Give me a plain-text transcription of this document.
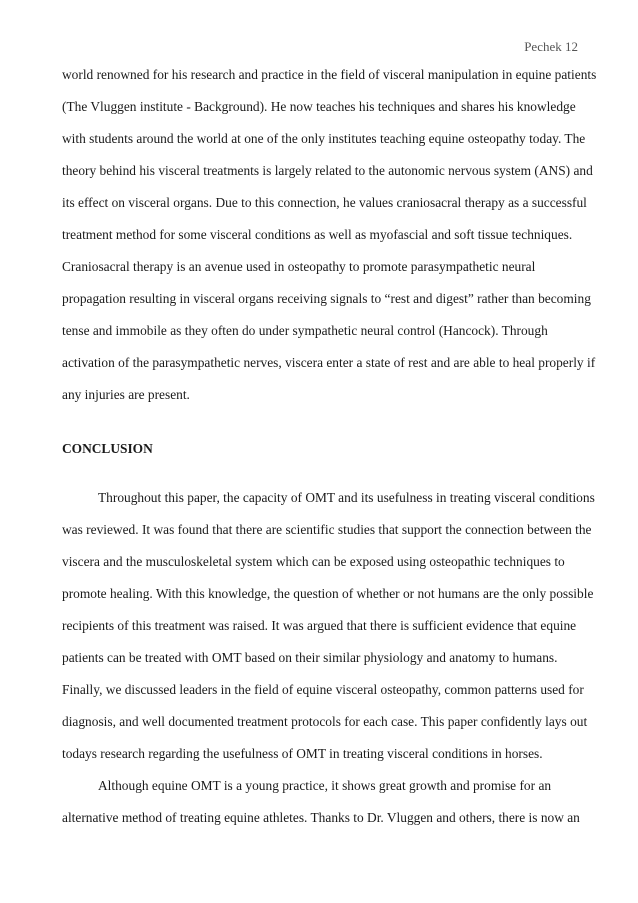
Pechek 12
world renowned for his research and practice in the field of visceral manipulation in equine patients
(The Vluggen institute - Background). He now teaches his techniques and shares his knowledge
with students around the world at one of the only institutes teaching equine osteopathy today. The
theory behind his visceral treatments is largely related to the autonomic nervous system (ANS) and
its effect on visceral organs. Due to this connection, he values craniosacral therapy as a successful
treatment method for some visceral conditions as well as myofascial and soft tissue techniques.
Craniosacral therapy is an avenue used in osteopathy to promote parasympathetic neural
propagation resulting in visceral organs receiving signals to “rest and digest” rather than becoming
tense and immobile as they often do under sympathetic neural control (Hancock). Through
activation of the parasympathetic nerves, viscera enter a state of rest and are able to heal properly if
any injuries are present.
CONCLUSION
Throughout this paper, the capacity of OMT and its usefulness in treating visceral conditions
was reviewed. It was found that there are scientific studies that support the connection between the
viscera and the musculoskeletal system which can be exposed using osteopathic techniques to
promote healing. With this knowledge, the question of whether or not humans are the only possible
recipients of this treatment was raised. It was argued that there is sufficient evidence that equine
patients can be treated with OMT based on their similar physiology and anatomy to humans.
Finally, we discussed leaders in the field of equine visceral osteopathy, common patterns used for
diagnosis, and well documented treatment protocols for each case. This paper confidently lays out
todays research regarding the usefulness of OMT in treating visceral conditions in horses.
Although equine OMT is a young practice, it shows great growth and promise for an
alternative method of treating equine athletes. Thanks to Dr. Vluggen and others, there is now an
